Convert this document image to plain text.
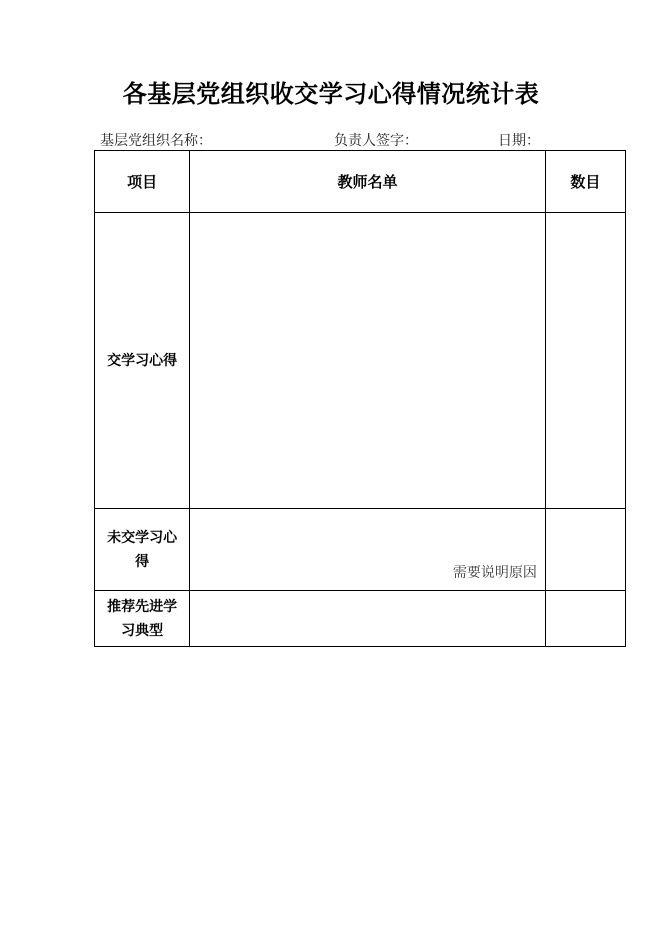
各基层党组织收交学习心得情况统计表
基层党组织名称：	负责人签字：	日期：
项目	教师名单	数目
交学习心得		
未交学习心得	需要说明原因	

推荐先进学习典型		
